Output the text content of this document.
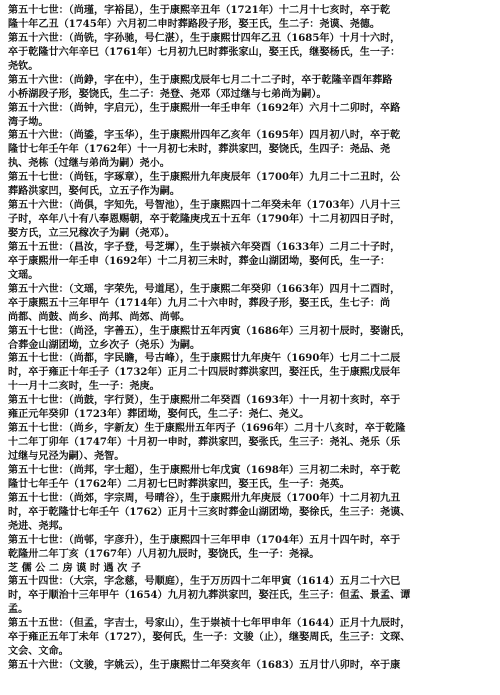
第五十七世：（尚瑾，字裕昆），生于康熙辛丑年（1721年）十二月十七亥时，卒于乾
隆十年乙丑（1745年）六月初二申时葬路段子形，娶王氏，生二子：尧谟、尧德。
第五十六世：（尚铣，字孙驰，号仁湛），生于康熙廿四年乙丑（1685年）十月十六时，
卒于乾隆廿六年辛巳（1761年）七月初九巳时葬张家山，娶王氏，继娶杨氏，生一子：
尧钦。
第五十六世：（尚錚，字在中），生于康熙戊辰年七月二十二子时，卒于乾隆辛酉年葬路
小桥湖段子形，娶饶氏，生二子：尧登、尧邓（邓过继与七弟尚为嗣）。
第五十六世：（尚钟，字启元），生于康熙卅一年壬申年（1692年）六月十二卯时，卒路
湾子坳。
第五十六世：（尚鋈，字玉华），生于康熙卅四年乙亥年（1695年）四月初八时，卒于乾
隆廿七年壬午年（1762年）十一月初七未时，葬洪家凹，娶饶氏，生四子：尧品、尧
执、尧栋（过继与弟尚为嗣）尧小。
第五十七世：（尚钰，字琢章），生于康熙卅九年庚辰年（1700年）九月二十二丑时，公
葬路洪家凹，娶何氏，立五子作为嗣。
第五十六世：（尚俱，字知先，号智池），生于康熙四十二年癸未年（1703年）八月十三
子时，卒年八十有八奉恩赐朝，卒于乾隆庚戌五十五年（1790年）十二月初四日子时，
娶方氏，立三兄稼次子为嗣（尧邓）。
第五十五世：（昌汝，字子登，号芝墀），生于崇祯六年癸酉（1633年）二月二十子时，
卒于康熙卅一年壬申（1692年）十二月初三未时，葬金山湖团坳，娶何氏，生一子：
文瑶。
第五十六世：（文瑶，字荣先，号道尾），生于康熙二年癸卯（1663年）四月十二酉时，
卒于康熙五十三年甲午（1714年）九月二十六申时，葬段子形，娶王氏，生七子：尚
尚都、尚鼓、尚乡、尚邦、尚郊、尚邨。
第五十七世：（尚泾，字善五），生于康熙廿五年丙寅（1686年）三月初十辰时，娶谢氏，
合葬金山湖团坳，立乡次子（尧乐）为嗣。
第五十七世：（尚都，字民瞻，号古峰），生于康熙廿九年庚午（1690年）七月二十二辰
时，卒于雍正十年壬子（1732年）正月二十四辰时葬洪家凹，娶汪氏，生于康熙戊辰年
十一月十二亥时，生一子：尧庚。
第五十七世：（尚鼓，字行贤），生于康熙卅二年癸酉（1693年）十一月初十亥时，卒于
雍正元年癸卯（1723年）葬团坳，娶何氏，生二子：尧仁、尧义。
第五十七世：（尚乡，字新友）生于康熙卅五年丙子（1696年）二月十八亥时，卒于乾隆
十二年丁卯年（1747年）十月初一申时，葬洪家凹，娶张氏，生三子：尧礼、尧乐（乐
过继与兄泾为嗣）、尧智。
第五十七世：（尚邦，字士超），生于康熙卅七年戊寅（1698年）三月初二未时，卒于乾
隆廿七年壬午（1762年）二月初七巳时葬洪家凹，娶王氏，生一子：尧英。
第五十七世：（尚郊，字宗周，号晴谷），生于康熙卅九年庚辰（1700年）十二月初九丑
时，卒于乾隆廿七年壬午（1762）正月十三亥时葬金山湖团坳，娶徐氏，生三子：尧谟、
尧进、尧邦。
第五十七世：（尚邨，字彦升），生于康熙四十三年甲申（1704年）五月十四午时，卒于
乾隆卅二年丁亥（1767年）八月初九辰时，娶饶氏，生一子：尧禄。
芝 儒 公 二 房 谟 时 遇 次 子
第五十四世：（大宗，字念慈，号顺庭），生于万历四十二年甲寅（1614）五月二十六巳
时，卒于顺治十三年甲午（1654）九月初九葬洪家凹，娶汪氏，生三子：但孟、景孟、谭
孟。
第五十五世：（但孟，字吉士，号家山），生于崇祯十七年甲申年（1644）正月十九辰时，
卒于雍正五年丁未年（1727），娶何氏，生一子：文骏（止），继娶周氏，生三子：文琛、
文会、文命。
第五十六世：（文骏，字姚云），生于康熙廿二年癸亥年（1683）五月廿八卯时，卒于康
